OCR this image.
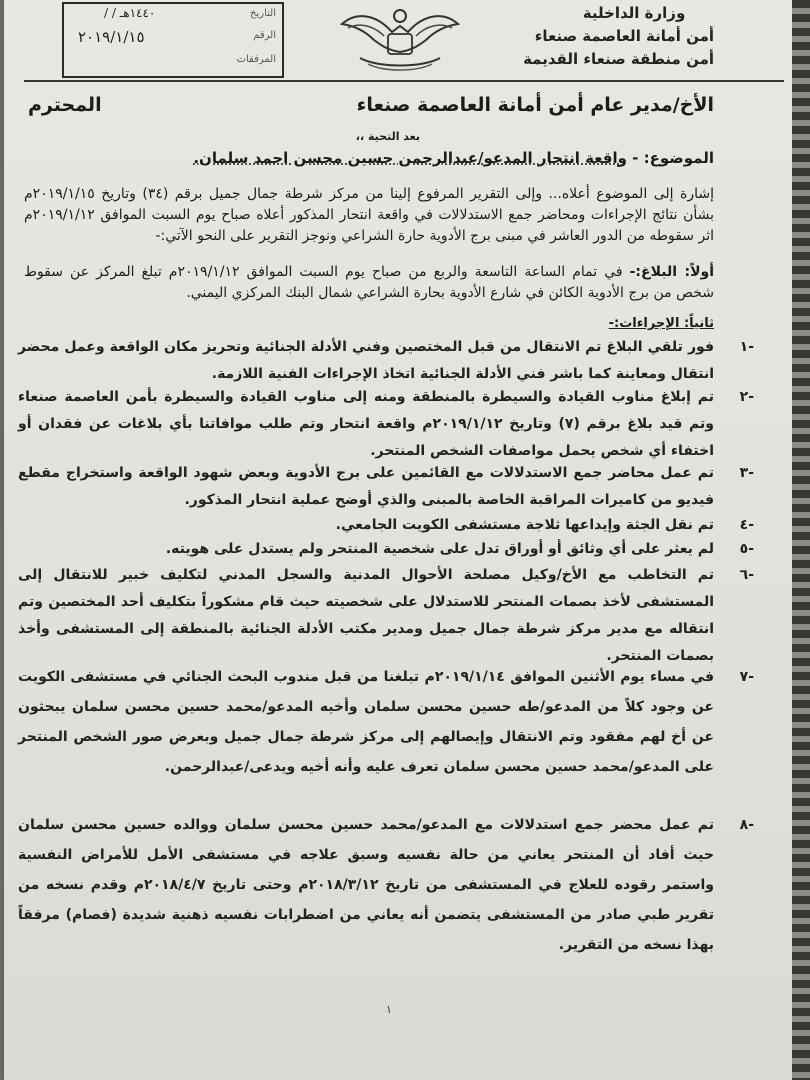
وزارة الداخلية
أمن أمانة العاصمة صنعاء
أمن منطقة صنعاء القديمة
التاريخ
/ / ١٤٤٠هـ
الرقم
٢٠١٩/١/١٥
المرفقات
الأخ/مدير عام أمن أمانة العاصمة صنعاء
المحترم
بعد التحية ،،
الموضوع: - واقعة انتحار المدعو/عبدالرحمن حسين محسن احمد سلمان.
إشارة إلى الموضوع أعلاه... وإلى التقرير المرفوع إلينا من مركز شرطة جمال جميل برقم (٣٤) وتاريخ ٢٠١٩/١/١٥م بشأن نتائج الإجراءات ومحاضر جمع الاستدلالات في واقعة انتحار المذكور أعلاه صباح يوم السبت الموافق ٢٠١٩/١/١٢م اثر سقوطه من الدور العاشر في مبنى برج الأدوية حارة الشراعي ونوجز التقرير على النحو الآتي:-
أولاً: البلاغ:- في تمام الساعة التاسعة والربع من صباح يوم السبت الموافق ٢٠١٩/١/١٢م تبلغ المركز عن سقوط شخص من برج الأدوية الكائن في شارع الأدوية بحارة الشراعي شمال البنك المركزي اليمني.
ثانياً: الإجراءات:-
-١
فور تلقي البلاغ تم الانتقال من قبل المختصين وفني الأدلة الجنائية وتحريز مكان الواقعة وعمل محضر انتقال ومعاينة كما باشر فني الأدلة الجنائية اتخاذ الإجراءات الفنية اللازمة.
-٢
تم إبلاغ مناوب القيادة والسيطرة بالمنطقة ومنه إلى مناوب القيادة والسيطرة بأمن العاصمة صنعاء وتم قيد بلاغ برقم (٧) وتاريخ ٢٠١٩/١/١٢م واقعة انتحار وتم طلب موافاتنا بأي بلاغات عن فقدان أو اختفاء أي شخص يحمل مواصفات الشخص المنتحر.
-٣
تم عمل محاضر جمع الاستدلالات مع القائمين على برج الأدوية وبعض شهود الواقعة واستخراج مقطع فيديو من كاميرات المراقبة الخاصة بالمبنى والذي أوضح عملية انتحار المذكور.
-٤
تم نقل الجثة وإيداعها ثلاجة مستشفى الكويت الجامعي.
-٥
لم يعثر على أي وثائق أو أوراق تدل على شخصية المنتحر ولم يستدل على هويته.
-٦
تم التخاطب مع الأخ/وكيل مصلحة الأحوال المدنية والسجل المدني لتكليف خبير للانتقال إلى المستشفى لأخذ بصمات المنتحر للاستدلال على شخصيته حيث قام مشكوراً بتكليف أحد المختصين وتم انتقاله مع مدير مركز شرطة جمال جميل ومدير مكتب الأدلة الجنائية بالمنطقة إلى المستشفى وأخذ بصمات المنتحر.
-٧
في مساء يوم الأثنين الموافق ٢٠١٩/١/١٤م تبلغنا من قبل مندوب البحث الجنائي في مستشفى الكويت عن وجود كلاً من المدعو/طه حسين محسن سلمان وأخيه المدعو/محمد حسين محسن سلمان يبحثون عن أخ لهم مفقود وتم الانتقال وإيصالهم إلى مركز شرطة جمال جميل وبعرض صور الشخص المنتحر على المدعو/محمد حسين محسن سلمان تعرف عليه وأنه أخيه ويدعى/عبدالرحمن.
-٨
تم عمل محضر جمع استدلالات مع المدعو/محمد حسين محسن سلمان ووالده حسين محسن سلمان حيث أفاد أن المنتحر يعاني من حالة نفسيه وسبق علاجه في مستشفى الأمل للأمراض النفسية واستمر رقوده للعلاج في المستشفى من تاريخ ٢٠١٨/٣/١٢م وحتى تاريخ ٢٠١٨/٤/٧م وقدم نسخه من تقرير طبي صادر من المستشفى يتضمن أنه يعاني من اضطرابات نفسيه ذهنية شديدة (فصام) مرفقاً بهذا نسخه من التقرير.
١
